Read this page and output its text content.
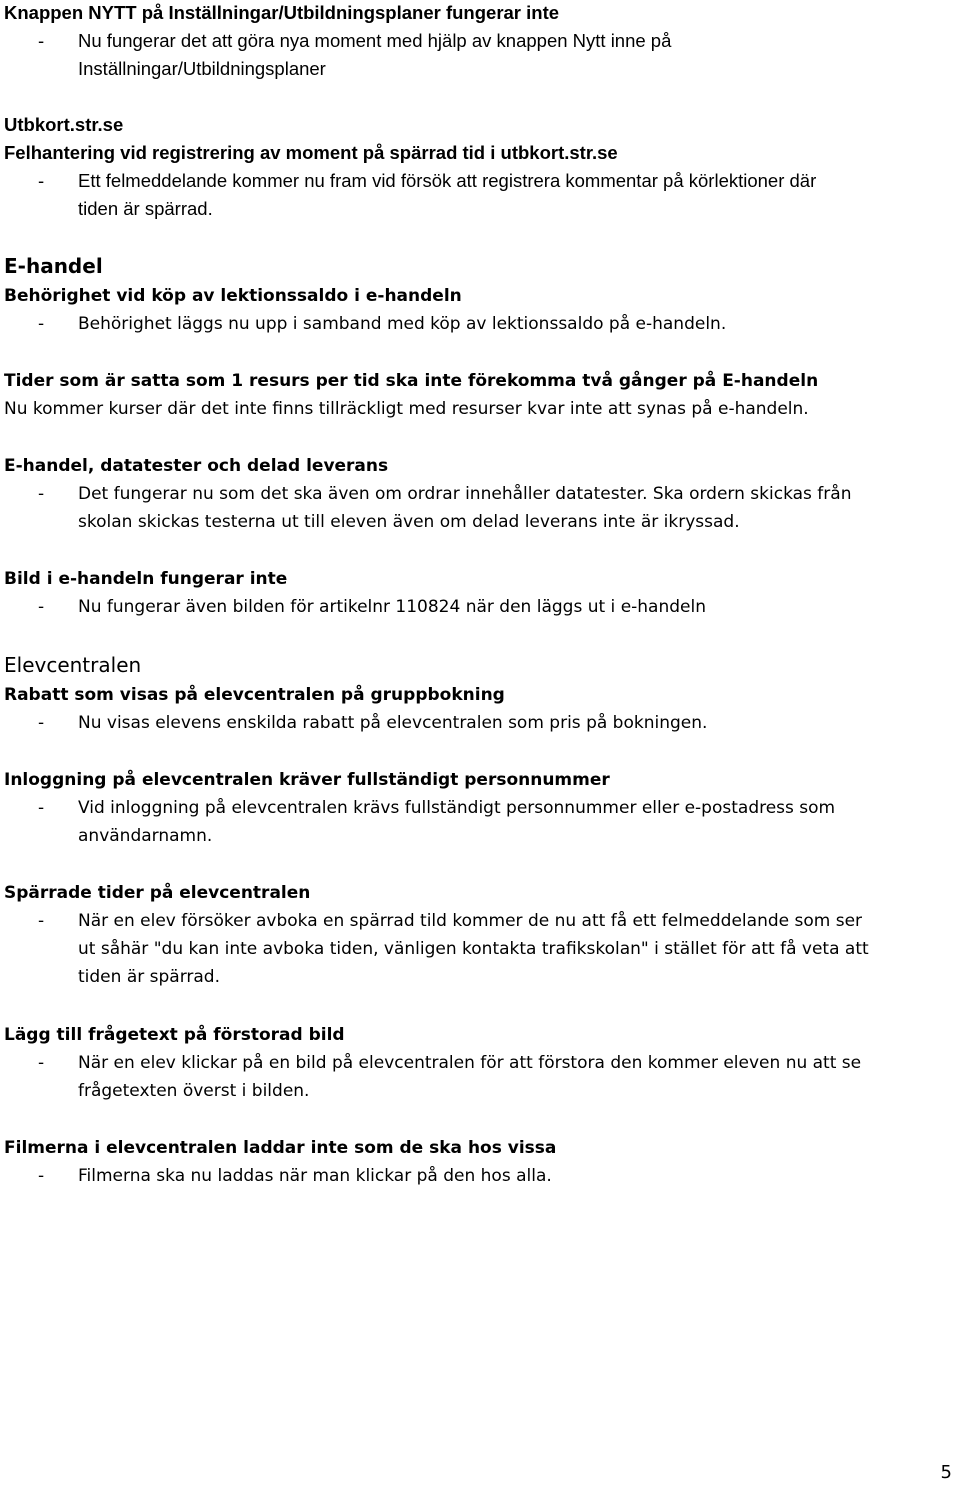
Knappen NYTT på Inställningar/Utbildningsplaner fungerar inte
- Nu fungerar det att göra nya moment med hjälp av knappen Nytt inne på
Inställningar/Utbildningsplaner
Utbkort.str.se
Felhantering vid registrering av moment på spärrad tid i utbkort.str.se
- Ett felmeddelande kommer nu fram vid försök att registrera kommentar på körlektioner där
tiden är spärrad.
E-handel
Behörighet vid köp av lektionssaldo i e-handeln
- Behörighet läggs nu upp i samband med köp av lektionssaldo på e-handeln.
Tider som är satta som 1 resurs per tid ska inte förekomma två gånger på E-handeln
Nu kommer kurser där det inte finns tillräckligt med resurser kvar inte att synas på e-handeln.
E-handel, datatester och delad leverans
- Det fungerar nu som det ska även om ordrar innehåller datatester. Ska ordern skickas från
skolan skickas testerna ut till eleven även om delad leverans inte är ikryssad.
Bild i e-handeln fungerar inte
- Nu fungerar även bilden för artikelnr 110824 när den läggs ut i e-handeln
Elevcentralen
Rabatt som visas på elevcentralen på gruppbokning
- Nu visas elevens enskilda rabatt på elevcentralen som pris på bokningen.
Inloggning på elevcentralen kräver fullständigt personnummer
- Vid inloggning på elevcentralen krävs fullständigt personnummer eller e-postadress som
användarnamn.
Spärrade tider på elevcentralen
- När en elev försöker avboka en spärrad tild kommer de nu att få ett felmeddelande som ser
ut såhär "du kan inte avboka tiden, vänligen kontakta trafikskolan" i stället för att få veta att
tiden är spärrad.
Lägg till frågetext på förstorad bild
- När en elev klickar på en bild på elevcentralen för att förstora den kommer eleven nu att se
frågetexten överst i bilden.
Filmerna i elevcentralen laddar inte som de ska hos vissa
- Filmerna ska nu laddas när man klickar på den hos alla.
5
